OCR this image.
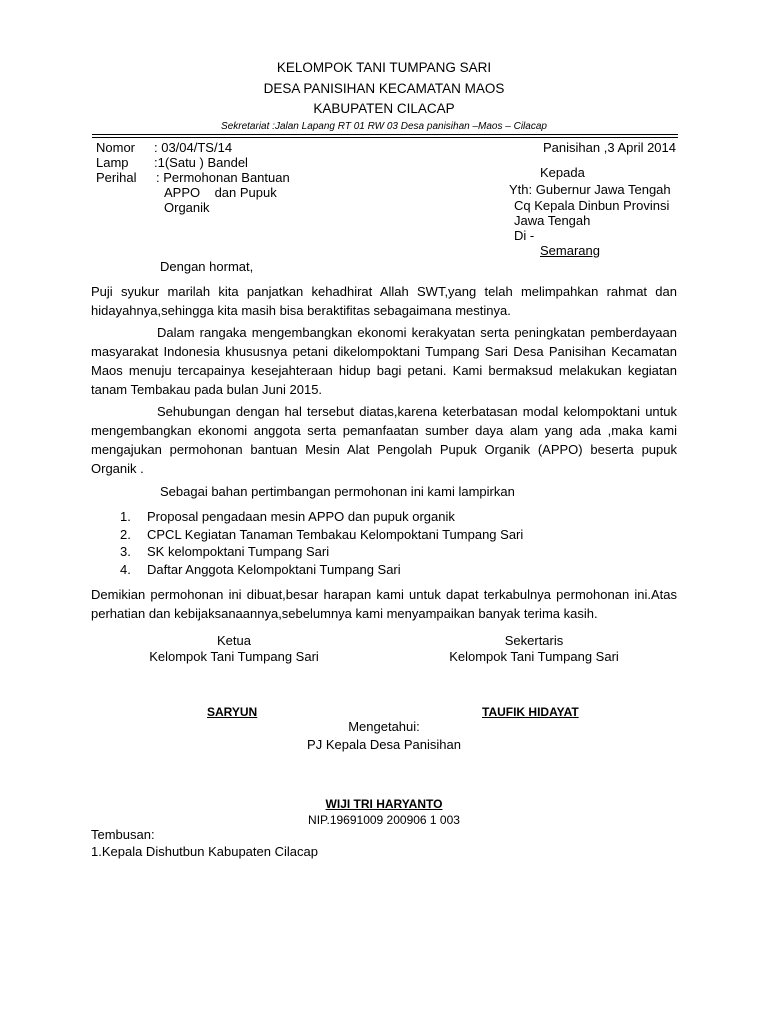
KELOMPOK TANI TUMPANG SARI
DESA PANISIHAN KECAMATAN MAOS
KABUPATEN CILACAP
Sekretariat :Jalan Lapang RT 01 RW 03 Desa panisihan –Maos – Cilacap
Nomor : 03/04/TS/14
Lamp :1(Satu ) Bandel
Perihal : Permohonan Bantuan
APPO    dan Pupuk
Organik
Panisihan ,3 April 2014
Kepada
Yth: Gubernur Jawa Tengah
Cq Kepala Dinbun Provinsi
Jawa Tengah
Di -
Semarang
Dengan hormat,
Puji syukur marilah kita panjatkan kehadhirat Allah SWT,yang telah melimpahkan rahmat dan hidayahnya,sehingga kita masih bisa beraktifitas sebagaimana mestinya.
Dalam rangaka mengembangkan ekonomi kerakyatan serta peningkatan pemberdayaan masyarakat Indonesia khususnya petani dikelompoktani Tumpang Sari Desa Panisihan Kecamatan Maos menuju tercapainya kesejahteraan hidup bagi petani. Kami bermaksud melakukan kegiatan tanam Tembakau pada bulan Juni 2015.
Sehubungan dengan hal tersebut diatas,karena keterbatasan modal kelompoktani untuk mengembangkan ekonomi anggota serta pemanfaatan sumber daya alam yang ada ,maka kami mengajukan permohonan bantuan Mesin Alat Pengolah Pupuk Organik (APPO) beserta pupuk Organik .
Sebagai bahan pertimbangan permohonan ini kami lampirkan
1. Proposal pengadaan mesin APPO dan pupuk organik
2. CPCL Kegiatan Tanaman Tembakau Kelompoktani Tumpang Sari
3. SK kelompoktani Tumpang Sari
4. Daftar Anggota Kelompoktani Tumpang Sari
Demikian permohonan ini dibuat,besar harapan kami untuk dapat terkabulnya permohonan ini.Atas perhatian dan kebijaksanaannya,sebelumnya kami menyampaikan banyak terima kasih.
Ketua
Kelompok Tani Tumpang Sari
Sekertaris
Kelompok Tani Tumpang Sari
SARYUN	TAUFIK HIDAYAT
Mengetahui:
PJ Kepala Desa Panisihan
WIJI TRI HARYANTO
NIP.19691009 200906 1 003
Tembusan:
1.Kepala Dishutbun Kabupaten Cilacap
